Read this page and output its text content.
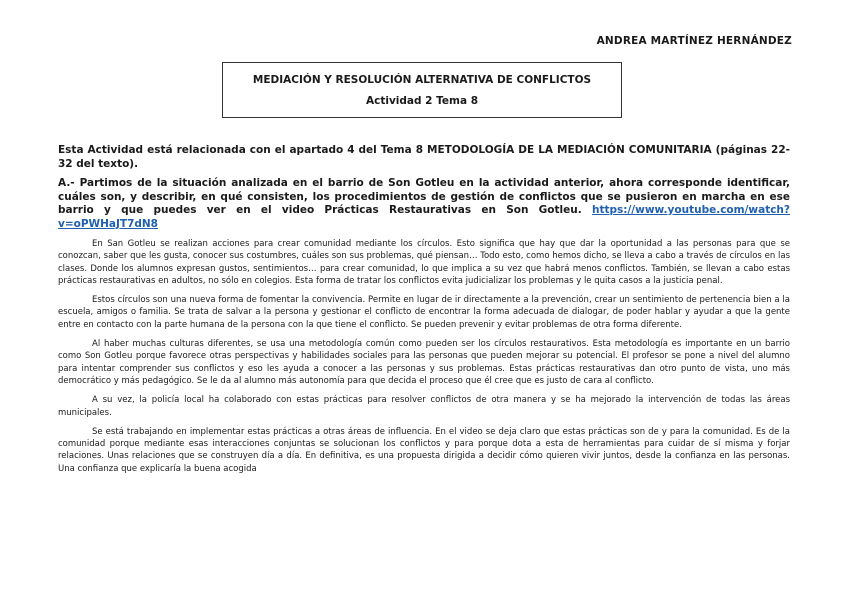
ANDREA MARTÍNEZ HERNÁNDEZ
MEDIACIÓN Y RESOLUCIÓN ALTERNATIVA DE CONFLICTOS
Actividad 2 Tema 8

Esta Actividad está relacionada con el apartado 4 del Tema 8 METODOLOGÍA DE LA MEDIACIÓN COMUNITARIA (páginas 22-32 del texto).

A.- Partimos de la situación analizada en el barrio de Son Gotleu en la actividad anterior, ahora corresponde identificar, cuáles son, y describir, en qué consisten, los procedimientos de gestión de conflictos que se pusieron en marcha en ese barrio y que puedes ver en el video Prácticas Restaurativas en Son Gotleu. https://www.youtube.com/watch?v=oPWHaJT7dN8

En San Gotleu se realizan acciones para crear comunidad mediante los círculos. Esto significa que hay que dar la oportunidad a las personas para que se conozcan, saber que les gusta, conocer sus costumbres, cuáles son sus problemas, qué piensan… Todo esto, como hemos dicho, se lleva a cabo a través de círculos en las clases. Donde los alumnos expresan gustos, sentimientos… para crear comunidad, lo que implica a su vez que habrá menos conflictos. También, se llevan a cabo estas prácticas restaurativas en adultos, no sólo en colegios. Esta forma de tratar los conflictos evita judicializar los problemas y le quita casos a la justicia penal.

Estos círculos son una nueva forma de fomentar la convivencia. Permite en lugar de ir directamente a la prevención, crear un sentimiento de pertenencia bien a la escuela, amigos o familia. Se trata de salvar a la persona y gestionar el conflicto de encontrar la forma adecuada de dialogar, de poder hablar y ayudar a que la gente entre en contacto con la parte humana de la persona con la que tiene el conflicto. Se pueden prevenir y evitar problemas de otra forma diferente.

Al haber muchas culturas diferentes, se usa una metodología común como pueden ser los círculos restaurativos. Esta metodología es importante en un barrio como Son Gotleu porque favorece otras perspectivas y habilidades sociales para las personas que pueden mejorar su potencial. El profesor se pone a nivel del alumno para intentar comprender sus conflictos y eso les ayuda a conocer a las personas y sus problemas. Estas prácticas restaurativas dan otro punto de vista, uno más democrático y más pedagógico. Se le da al alumno más autonomía para que decida el proceso que él cree que es justo de cara al conflicto.

A su vez, la policía local ha colaborado con estas prácticas para resolver conflictos de otra manera y se ha mejorado la intervención de todas las áreas municipales.

Se está trabajando en implementar estas prácticas a otras áreas de influencia. En el video se deja claro que estas prácticas son de y para la comunidad. Es de la comunidad porque mediante esas interacciones conjuntas se solucionan los conflictos y para porque dota a esta de herramientas para cuidar de sí misma y forjar relaciones. Unas relaciones que se construyen día a día. En definitiva, es una propuesta dirigida a decidir cómo quieren vivir juntos, desde la confianza en las personas. Una confianza que explicaría la buena acogida
